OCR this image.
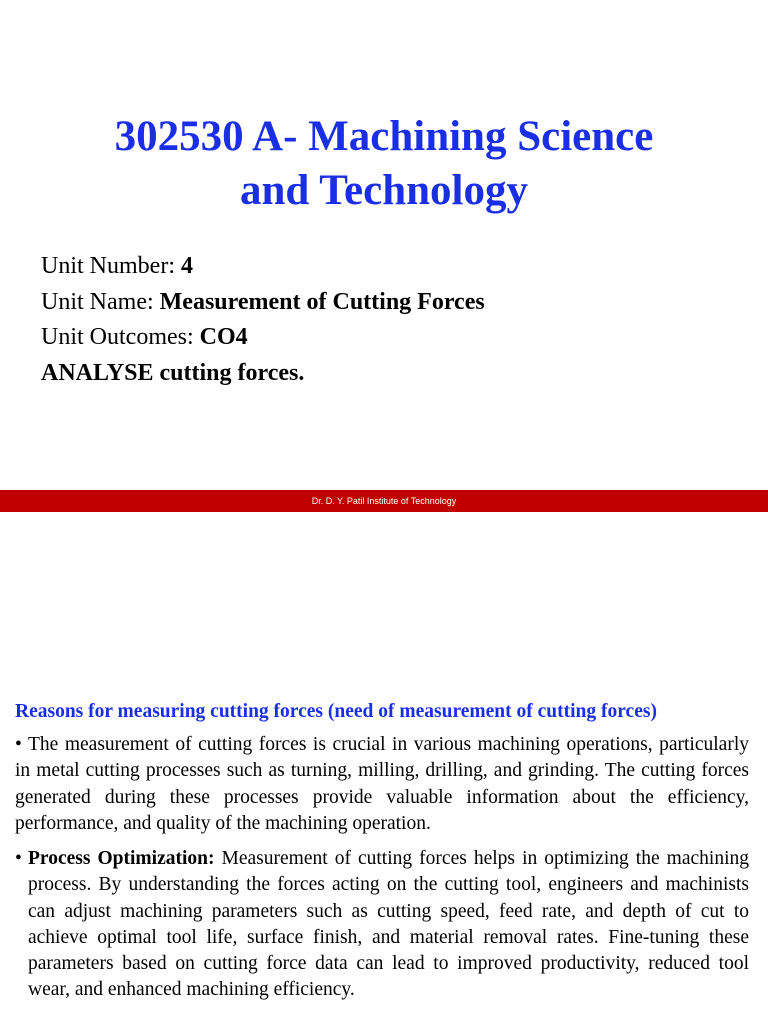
302530 A- Machining Science
and Technology
Unit Number: 4
Unit Name: Measurement of Cutting Forces
Unit Outcomes: CO4
ANALYSE cutting forces.
Dr. D. Y. Patil Institute of Technology
Reasons for measuring cutting forces (need of measurement of cutting forces)
• The measurement of cutting forces is crucial in various machining operations, particularly in metal cutting processes such as turning, milling, drilling, and grinding. The cutting forces generated during these processes provide valuable information about the efficiency, performance, and quality of the machining operation.
• Process Optimization: Measurement of cutting forces helps in optimizing the machining process. By understanding the forces acting on the cutting tool, engineers and machinists can adjust machining parameters such as cutting speed, feed rate, and depth of cut to achieve optimal tool life, surface finish, and material removal rates. Fine-tuning these parameters based on cutting force data can lead to improved productivity, reduced tool wear, and enhanced machining efficiency.
